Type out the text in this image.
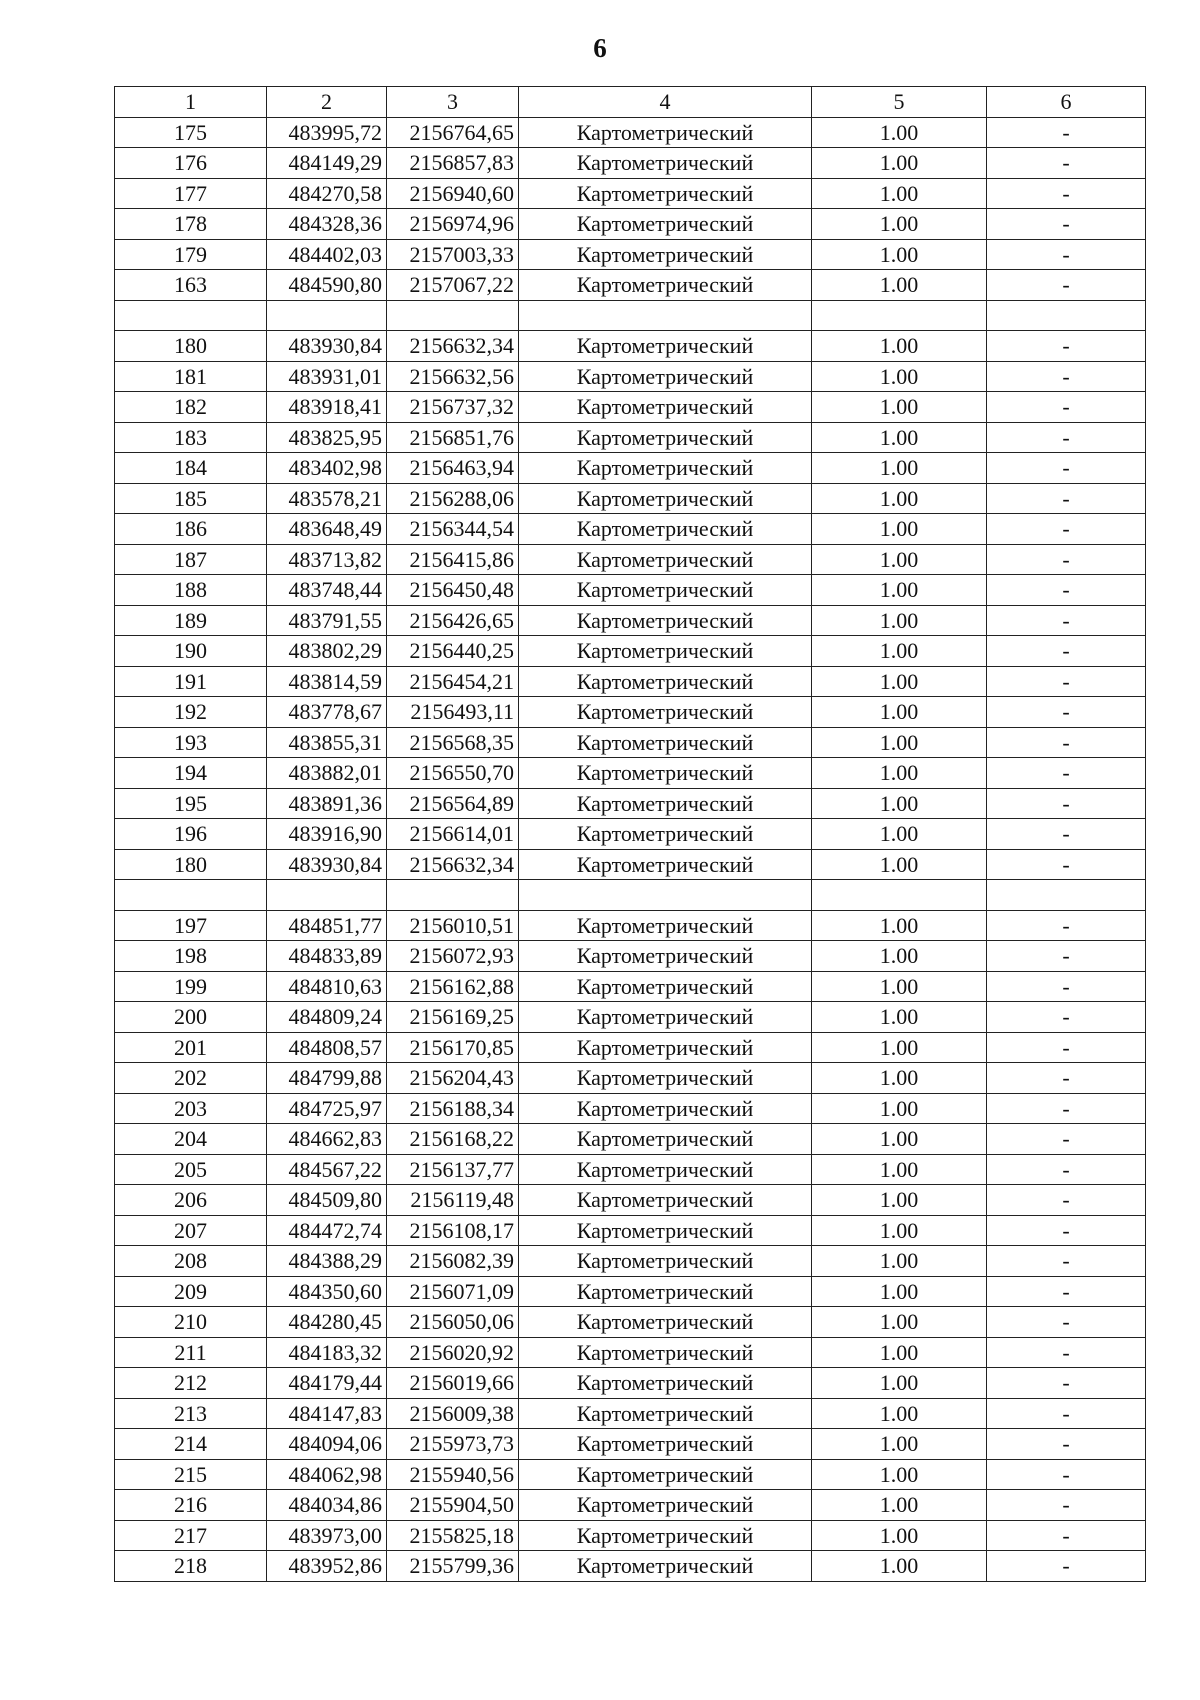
6
1	2	3	4	5	6
175	483995,72	2156764,65	Картометрический	1.00	-
176	484149,29	2156857,83	Картометрический	1.00	-
177	484270,58	2156940,60	Картометрический	1.00	-
178	484328,36	2156974,96	Картометрический	1.00	-
179	484402,03	2157003,33	Картометрический	1.00	-
163	484590,80	2157067,22	Картометрический	1.00	-

180	483930,84	2156632,34	Картометрический	1.00	-
181	483931,01	2156632,56	Картометрический	1.00	-
182	483918,41	2156737,32	Картометрический	1.00	-
183	483825,95	2156851,76	Картометрический	1.00	-
184	483402,98	2156463,94	Картометрический	1.00	-
185	483578,21	2156288,06	Картометрический	1.00	-
186	483648,49	2156344,54	Картометрический	1.00	-
187	483713,82	2156415,86	Картометрический	1.00	-
188	483748,44	2156450,48	Картометрический	1.00	-
189	483791,55	2156426,65	Картометрический	1.00	-
190	483802,29	2156440,25	Картометрический	1.00	-
191	483814,59	2156454,21	Картометрический	1.00	-
192	483778,67	2156493,11	Картометрический	1.00	-
193	483855,31	2156568,35	Картометрический	1.00	-
194	483882,01	2156550,70	Картометрический	1.00	-
195	483891,36	2156564,89	Картометрический	1.00	-
196	483916,90	2156614,01	Картометрический	1.00	-
180	483930,84	2156632,34	Картометрический	1.00	-

197	484851,77	2156010,51	Картометрический	1.00	-
198	484833,89	2156072,93	Картометрический	1.00	-
199	484810,63	2156162,88	Картометрический	1.00	-
200	484809,24	2156169,25	Картометрический	1.00	-
201	484808,57	2156170,85	Картометрический	1.00	-
202	484799,88	2156204,43	Картометрический	1.00	-
203	484725,97	2156188,34	Картометрический	1.00	-
204	484662,83	2156168,22	Картометрический	1.00	-
205	484567,22	2156137,77	Картометрический	1.00	-
206	484509,80	2156119,48	Картометрический	1.00	-
207	484472,74	2156108,17	Картометрический	1.00	-
208	484388,29	2156082,39	Картометрический	1.00	-
209	484350,60	2156071,09	Картометрический	1.00	-
210	484280,45	2156050,06	Картометрический	1.00	-
211	484183,32	2156020,92	Картометрический	1.00	-
212	484179,44	2156019,66	Картометрический	1.00	-
213	484147,83	2156009,38	Картометрический	1.00	-
214	484094,06	2155973,73	Картометрический	1.00	-
215	484062,98	2155940,56	Картометрический	1.00	-
216	484034,86	2155904,50	Картометрический	1.00	-
217	483973,00	2155825,18	Картометрический	1.00	-
218	483952,86	2155799,36	Картометрический	1.00	-
